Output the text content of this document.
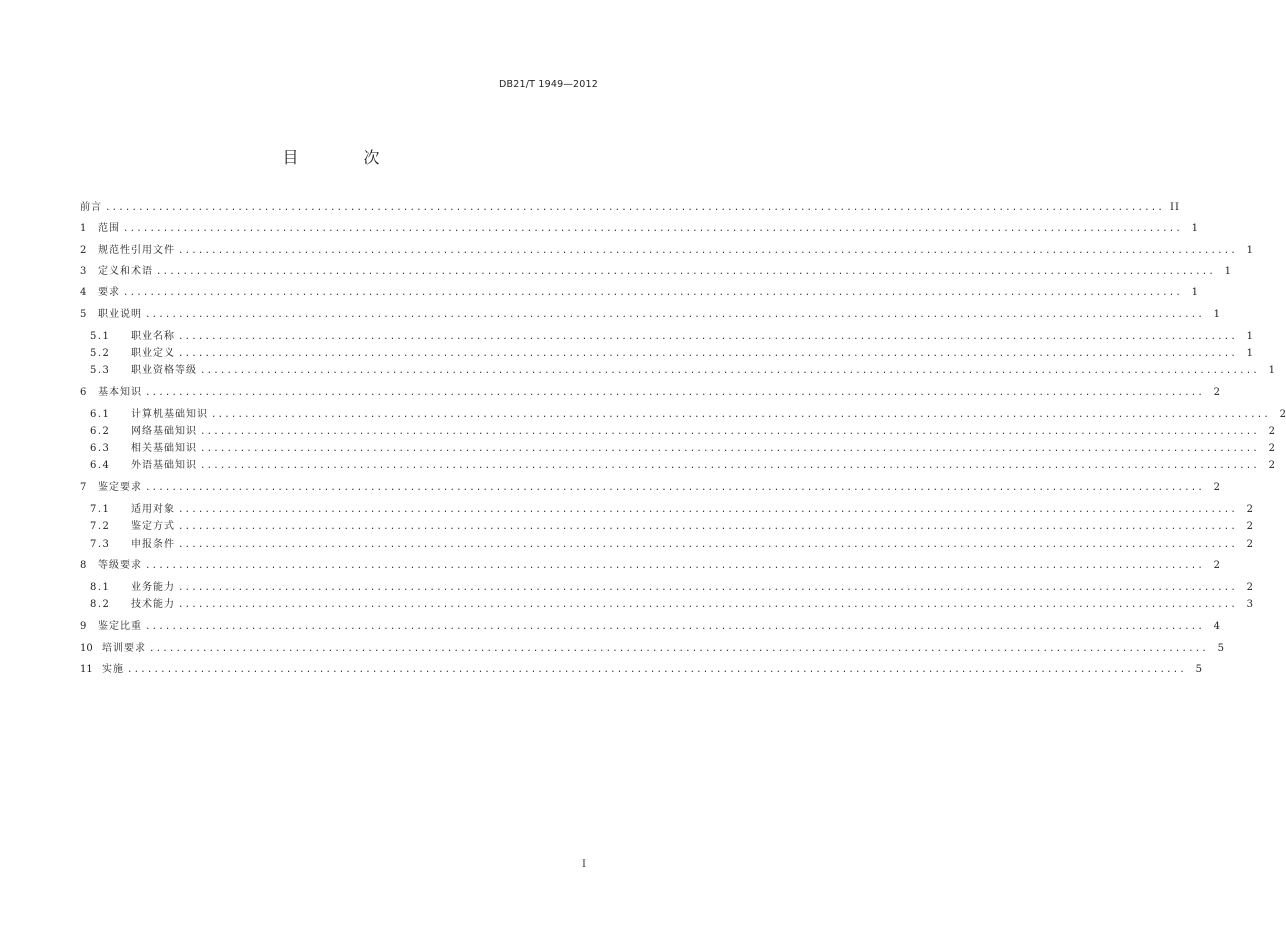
DB21/T 1949—2012
目 次
前言 ................................................................................................................................................................ II
1	范围 ................................................................................................................................................................ 1
2	规范性引用文件 ................................................................................................................................................................ 1
3	定义和术语 ................................................................................................................................................................ 1
4	要求 ................................................................................................................................................................ 1
5	职业说明 ................................................................................................................................................................ 1
5.1	职业名称 ................................................................................................................................................................ 1
5.2	职业定义 ................................................................................................................................................................ 1
5.3	职业资格等级 ................................................................................................................................................................ 1
6	基本知识 ................................................................................................................................................................ 2
6.1	计算机基础知识 ................................................................................................................................................................ 2
6.2	网络基础知识 ................................................................................................................................................................ 2
6.3	相关基础知识 ................................................................................................................................................................ 2
6.4	外语基础知识 ................................................................................................................................................................ 2
7	鉴定要求 ................................................................................................................................................................ 2
7.1	适用对象 ................................................................................................................................................................ 2
7.2	鉴定方式 ................................................................................................................................................................ 2
7.3	申报条件 ................................................................................................................................................................ 2
8	等级要求 ................................................................................................................................................................ 2
8.1	业务能力 ................................................................................................................................................................ 2
8.2	技术能力 ................................................................................................................................................................ 3
9	鉴定比重 ................................................................................................................................................................ 4
10 培训要求 ................................................................................................................................................................ 5
11 实施 ................................................................................................................................................................ 5
I
